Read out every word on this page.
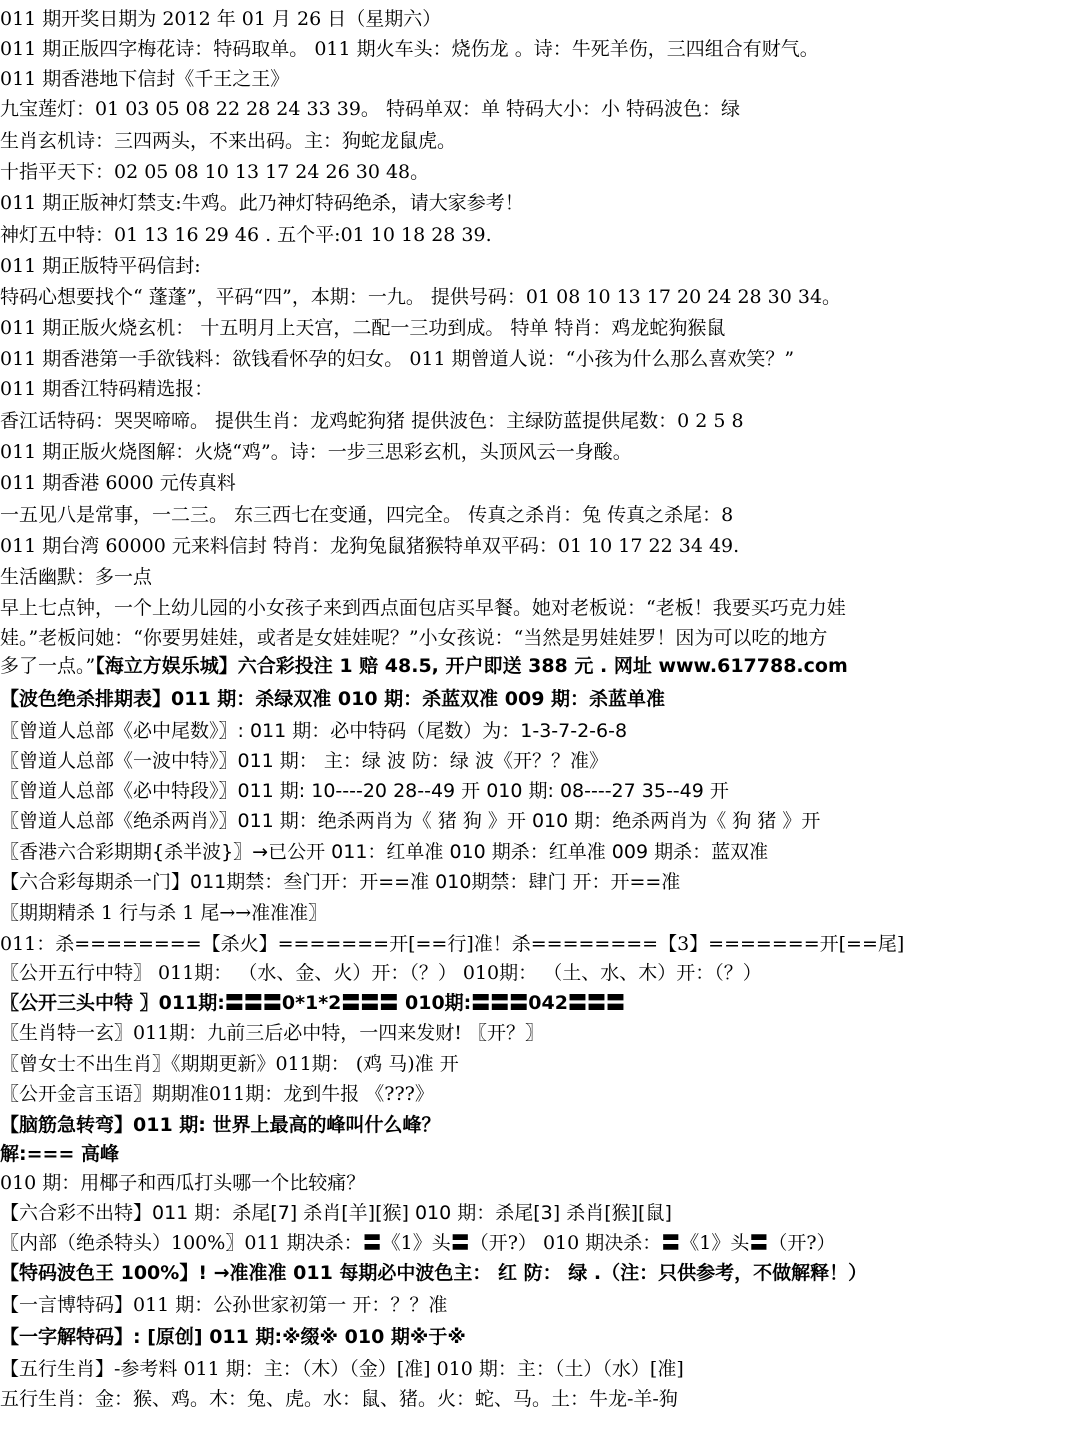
011 期开奖日期为 2012 年 01 月 26 日（星期六）
011 期正版四字梅花诗：特码取单。 011 期火车头：烧伤龙 。诗：牛死羊伤，三四组合有财气。
011 期香港地下信封《千王之王》
九宝莲灯：01 03 05 08 22 28 24 33 39。 特码单双：单 特码大小：小 特码波色：绿
生肖玄机诗：三四两头，不来出码。主：狗蛇龙鼠虎。
十指平天下：02 05 08 10 13 17 24 26 30 48。
011 期正版神灯禁支:牛鸡。此乃神灯特码绝杀，请大家参考！
神灯五中特：01 13 16 29 46 . 五个平:01 10 18 28 39.
011 期正版特平码信封:
特码心想要找个“ 蓬蓬”，平码“四”，本期：一九。 提供号码：01 08 10 13 17 20 24 28 30 34。
011 期正版火烧玄机： 十五明月上天宫，二配一三功到成。 特单 特肖：鸡龙蛇狗猴鼠
011 期香港第一手欲钱料：欲钱看怀孕的妇女。 011 期曾道人说：“小孩为什么那么喜欢笑？”
011 期香江特码精选报：
香江话特码：哭哭啼啼。 提供生肖：龙鸡蛇狗猪 提供波色：主绿防蓝提供尾数：0 2 5 8
011 期正版火烧图解：火烧“鸡”。诗：一步三思彩玄机，头顶风云一身酸。
011 期香港 6000 元传真料
一五见八是常事，一二三。 东三西七在变通，四完全。 传真之杀肖：兔 传真之杀尾：8
011 期台湾 60000 元来料信封 特肖：龙狗兔鼠猪猴特单双平码：01 10 17 22 34 49.
生活幽默：多一点
早上七点钟，一个上幼儿园的小女孩子来到西点面包店买早餐。她对老板说：“老板！我要买巧克力娃
娃。”老板问她：“你要男娃娃，或者是女娃娃呢？”小女孩说：“当然是男娃娃罗！因为可以吃的地方
多了一点。”【海立方娱乐城】六合彩投注 1 赔 48.5, 开户即送 388 元 . 网址 www.617788.com
【波色绝杀排期表】011 期：杀绿双准 010 期：杀蓝双准 009 期：杀蓝单准
〖曾道人总部《必中尾数》〗: 011 期：必中特码（尾数）为：1-3-7-2-6-8
〖曾道人总部《一波中特》〗011 期： 主：绿 波 防：绿 波《开？？准》
〖曾道人总部《必中特段》〗011 期: 10----20 28--49 开 010 期: 08----27 35--49 开
〖曾道人总部《绝杀两肖》〗011 期：绝杀两肖为《 猪 狗 》开 010 期：绝杀两肖为《 狗 猪 》开
〖香港六合彩期期{杀半波}〗→已公开 011：红单准 010 期杀：红单准 009 期杀：蓝双准
【六合彩每期杀一门】011期禁：叁门开：开==准 010期禁：肆门 开：开==准
〖期期精杀 1 行与杀 1 尾→→准准准〗
011：杀========【杀火】=======开[==行]准！杀========【3】=======开[==尾]
〖公开五行中特〗 011期： （水、金、火）开：（？） 010期： （土、水、木）开：（？）
〖公开三头中特 〗011期:〓〓〓0*1*2〓〓〓 010期:〓〓〓042〓〓〓
〖生肖特一玄〗011期：九前三后必中特，一四来发财! 〖开？〗
〖曾女士不出生肖〗《期期更新》011期： (鸡 马)准 开
〖公开金言玉语〗期期准011期：龙到牛报 《???》
【脑筋急转弯】011 期: 世界上最高的峰叫什么峰？
解:=== 高峰
010 期：用椰子和西瓜打头哪一个比较痛？
【六合彩不出特】011 期：杀尾[7] 杀肖[羊][猴] 010 期：杀尾[3] 杀肖[猴][鼠]
〖内部（绝杀特头）100%〗011 期决杀：〓《1》头〓（开?） 010 期决杀：〓《1》头〓（开?）
【特码波色王 100%】! →准准准 011 每期必中波色主： 红 防： 绿 .（注：只供参考，不做解释！）
【一言博特码】011 期：公孙世家初第一 开：？？准
【一字解特码】: [原创] 011 期:※缀※ 010 期※于※
【五行生肖】-参考料 011 期：主：（木）（金）[准] 010 期：主：（土）（水）[准]
五行生肖：金：猴、鸡。木：兔、虎。水：鼠、猪。火：蛇、马。土：牛龙-羊-狗
